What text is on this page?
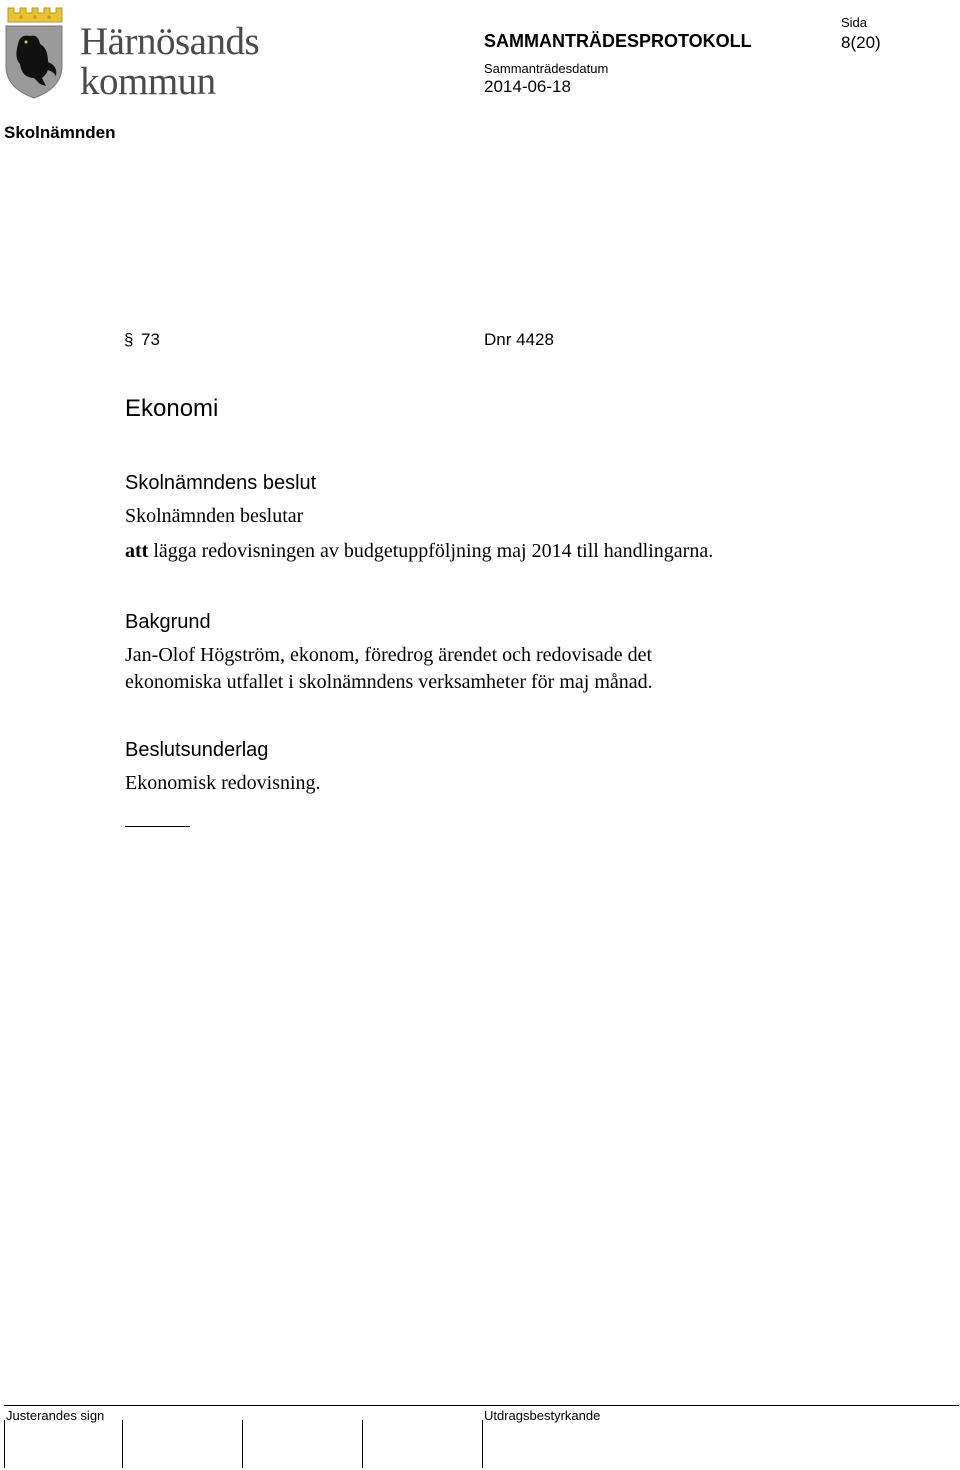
Härnösands
kommun
SAMMANTRÄDESPROTOKOLL
Sida
8(20)
Sammanträdesdatum
2014-06-18
Skolnämnden
§ 73	Dnr 4428
Ekonomi
Skolnämndens beslut
Skolnämnden beslutar
att lägga redovisningen av budgetuppföljning maj 2014 till handlingarna.
Bakgrund
Jan-Olof Högström, ekonom, föredrog ärendet och redovisade det
ekonomiska utfallet i skolnämndens verksamheter för maj månad.
Beslutsunderlag
Ekonomisk redovisning.
Justerandes sign	Utdragsbestyrkande
